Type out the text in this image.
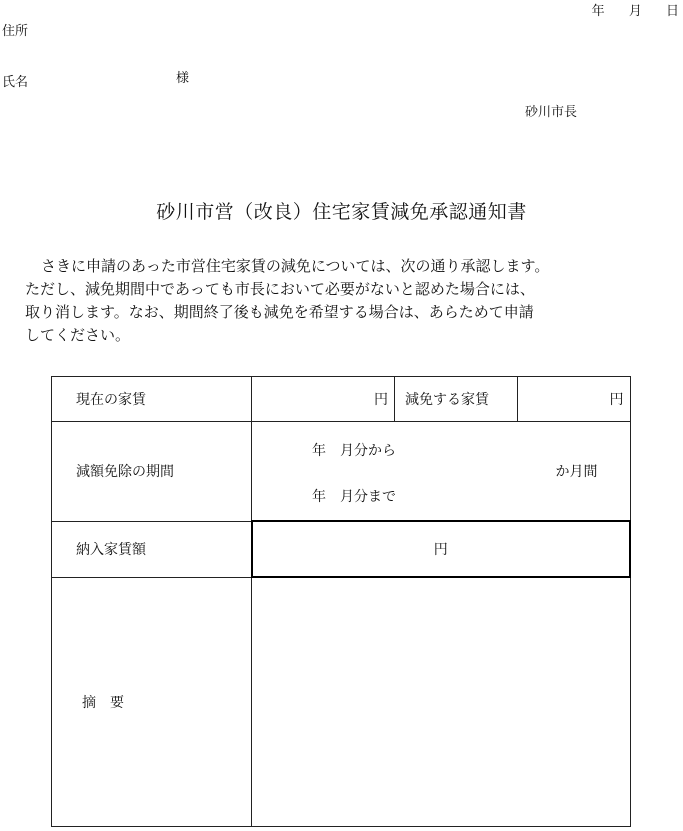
年 月 日
住所
氏名	様
砂川市長
砂川市営（改良）住宅家賃減免承認通知書

さきに申請のあった市営住宅家賃の減免については、次の通り承認します。

ただし、減免期間中であっても市長において必要がないと認めた場合には、

取り消します。なお、期間終了後も減免を希望する場合は、あらためて申請

してください。

現在の家賃	円	減免する家賃	円
減額免除の期間	年　月分から
か月間
年　月分まで		

納入家賃額	円		
摘要			
